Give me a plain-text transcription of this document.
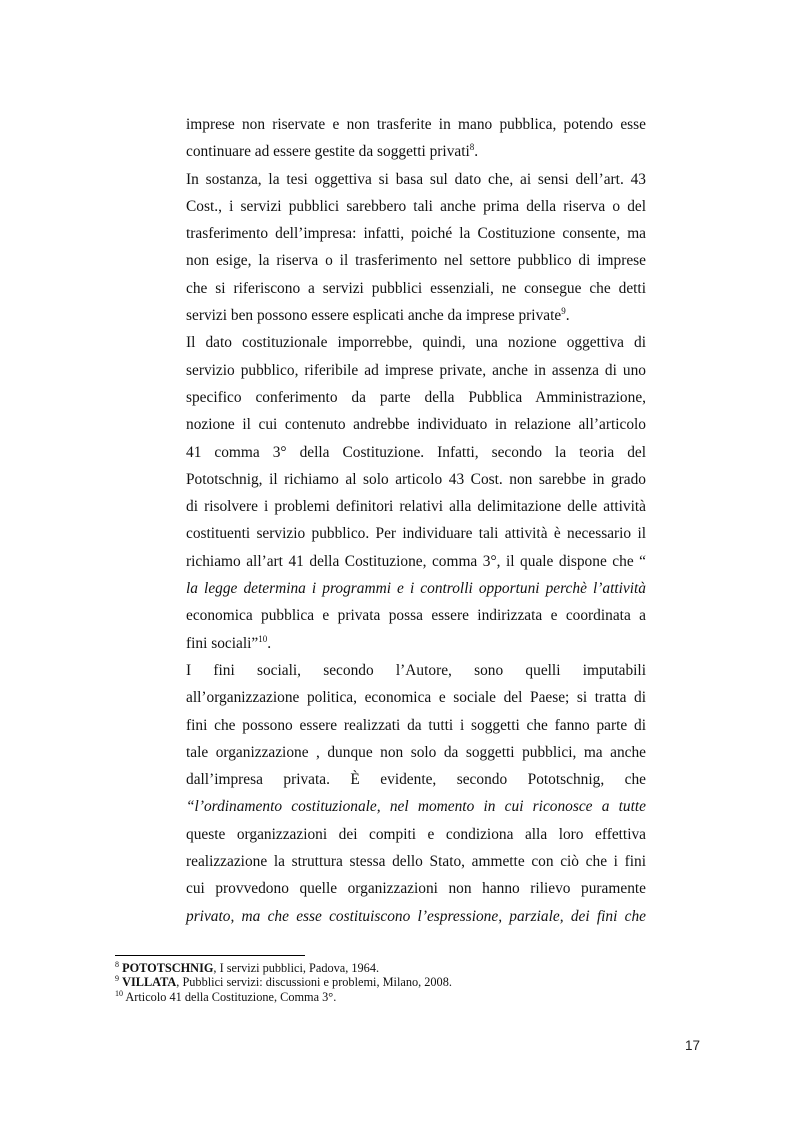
imprese non riservate e non trasferite in mano pubblica, potendo esse
continuare ad essere gestite da soggetti privati$^8$.
In sostanza, la tesi oggettiva si basa sul dato che, ai sensi dell’art. 43
Cost., i servizi pubblici sarebbero tali anche prima della riserva o del
trasferimento dell’impresa: infatti, poiché la Costituzione consente, ma
non esige, la riserva o il trasferimento nel settore pubblico di imprese
che si riferiscono a servizi pubblici essenziali, ne consegue che detti
servizi ben possono essere esplicati anche da imprese private$^9$.
Il dato costituzionale imporrebbe, quindi, una nozione oggettiva di
servizio pubblico, riferibile ad imprese private, anche in assenza di uno
specifico conferimento da parte della Pubblica Amministrazione,
nozione il cui contenuto andrebbe individuato in relazione all’articolo
41 comma 3° della Costituzione. Infatti, secondo la teoria del
Pototschnig, il richiamo al solo articolo 43 Cost. non sarebbe in grado
di risolvere i problemi definitori relativi alla delimitazione delle attività
costituenti servizio pubblico. Per individuare tali attività è necessario il
richiamo all’art 41 della Costituzione, comma 3°, il quale dispone che “
la legge determina i programmi e i controlli opportuni perchè l’attività
economica pubblica e privata possa essere indirizzata e coordinata a
fini sociali”$^{10}$.
I fini sociali, secondo l’Autore, sono quelli imputabili
all’organizzazione politica, economica e sociale del Paese; si tratta di
fini che possono essere realizzati da tutti i soggetti che fanno parte di
tale organizzazione , dunque non solo da soggetti pubblici, ma anche
dall’impresa privata. È evidente, secondo Pototschnig, che
“l’ordinamento costituzionale, nel momento in cui riconosce a tutte
queste organizzazioni dei compiti e condiziona alla loro effettiva
realizzazione la struttura stessa dello Stato, ammette con ciò che i fini
cui provvedono quelle organizzazioni non hanno rilievo puramente
privato, ma che esse costituiscono l’espressione, parziale, dei fini che
$^8$ POTOTSCHNIG, I servizi pubblici, Padova, 1964.
$^9$ VILLATA, Pubblici servizi: discussioni e problemi, Milano, 2008.
$^{10}$ Articolo 41 della Costituzione, Comma 3°.
17
